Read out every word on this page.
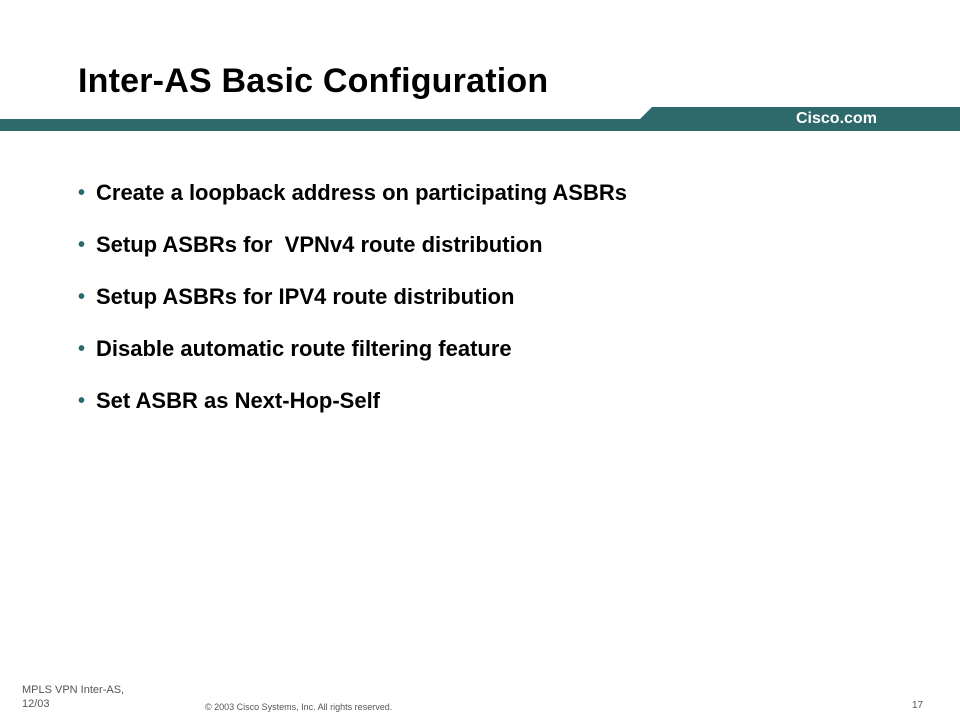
Inter-AS Basic Configuration
Cisco.com
• Create a loopback address on participating ASBRs
• Setup ASBRs for  VPNv4 route distribution
• Setup ASBRs for IPV4 route distribution
• Disable automatic route filtering feature
• Set ASBR as Next-Hop-Self
MPLS VPN Inter-AS,
12/03	© 2003 Cisco Systems, Inc. All rights reserved.	17
